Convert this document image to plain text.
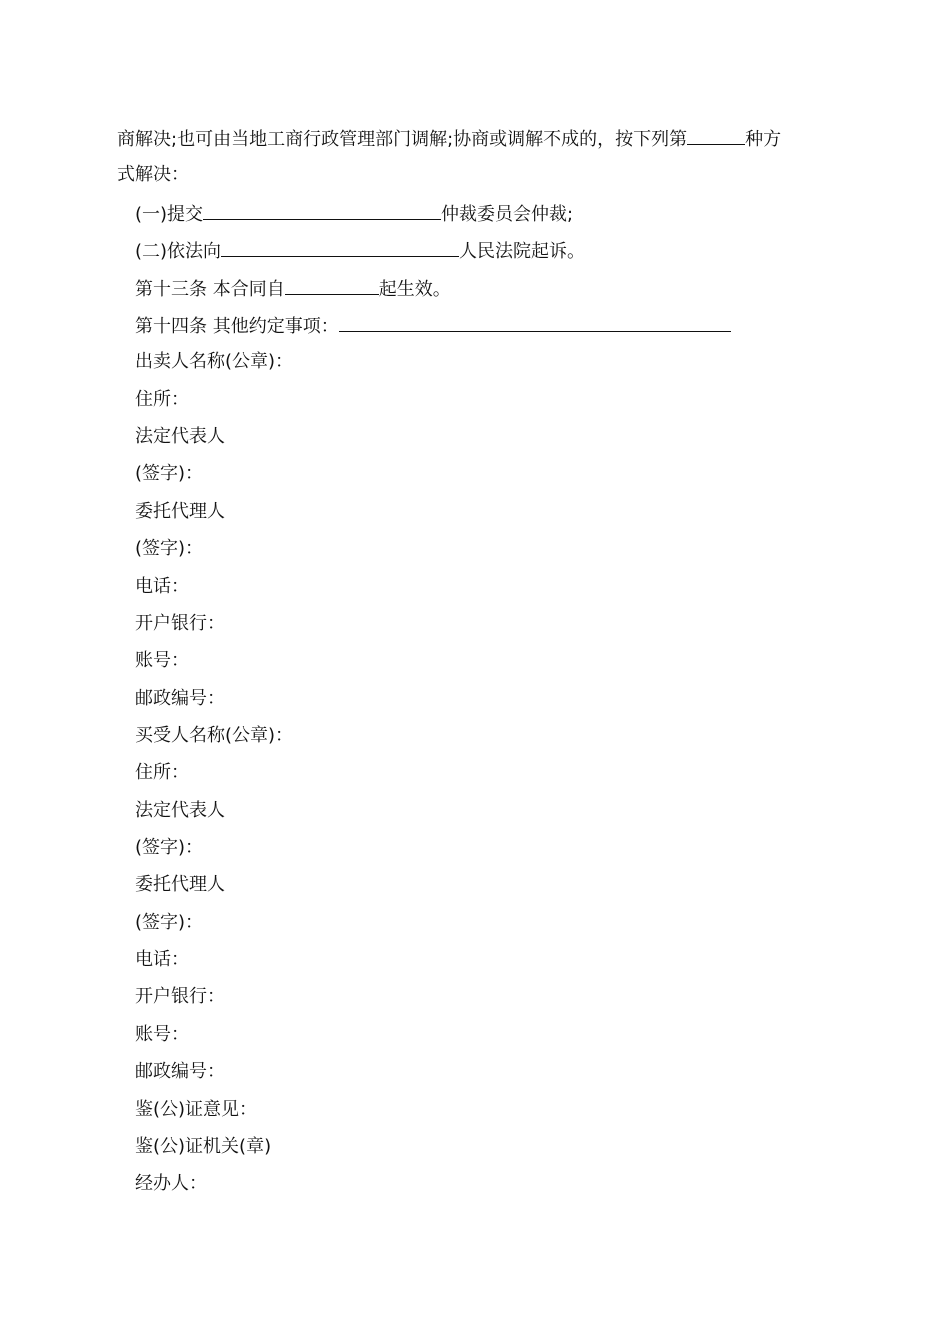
商解决;也可由当地工商行政管理部门调解;协商或调解不成的，按下列第	种方
式解决：
(一)提交	仲裁委员会仲裁;
(二)依法向	人民法院起诉。
第十三条 本合同自	起生效。
第十四条 其他约定事项：
出卖人名称(公章)：
住所：
法定代表人
(签字)：
委托代理人
(签字)：
电话：
开户银行：
账号：
邮政编号：
买受人名称(公章)：
住所：
法定代表人
(签字)：
委托代理人
(签字)：
电话：
开户银行：
账号：
邮政编号：
鉴(公)证意见：
鉴(公)证机关(章)
经办人：
